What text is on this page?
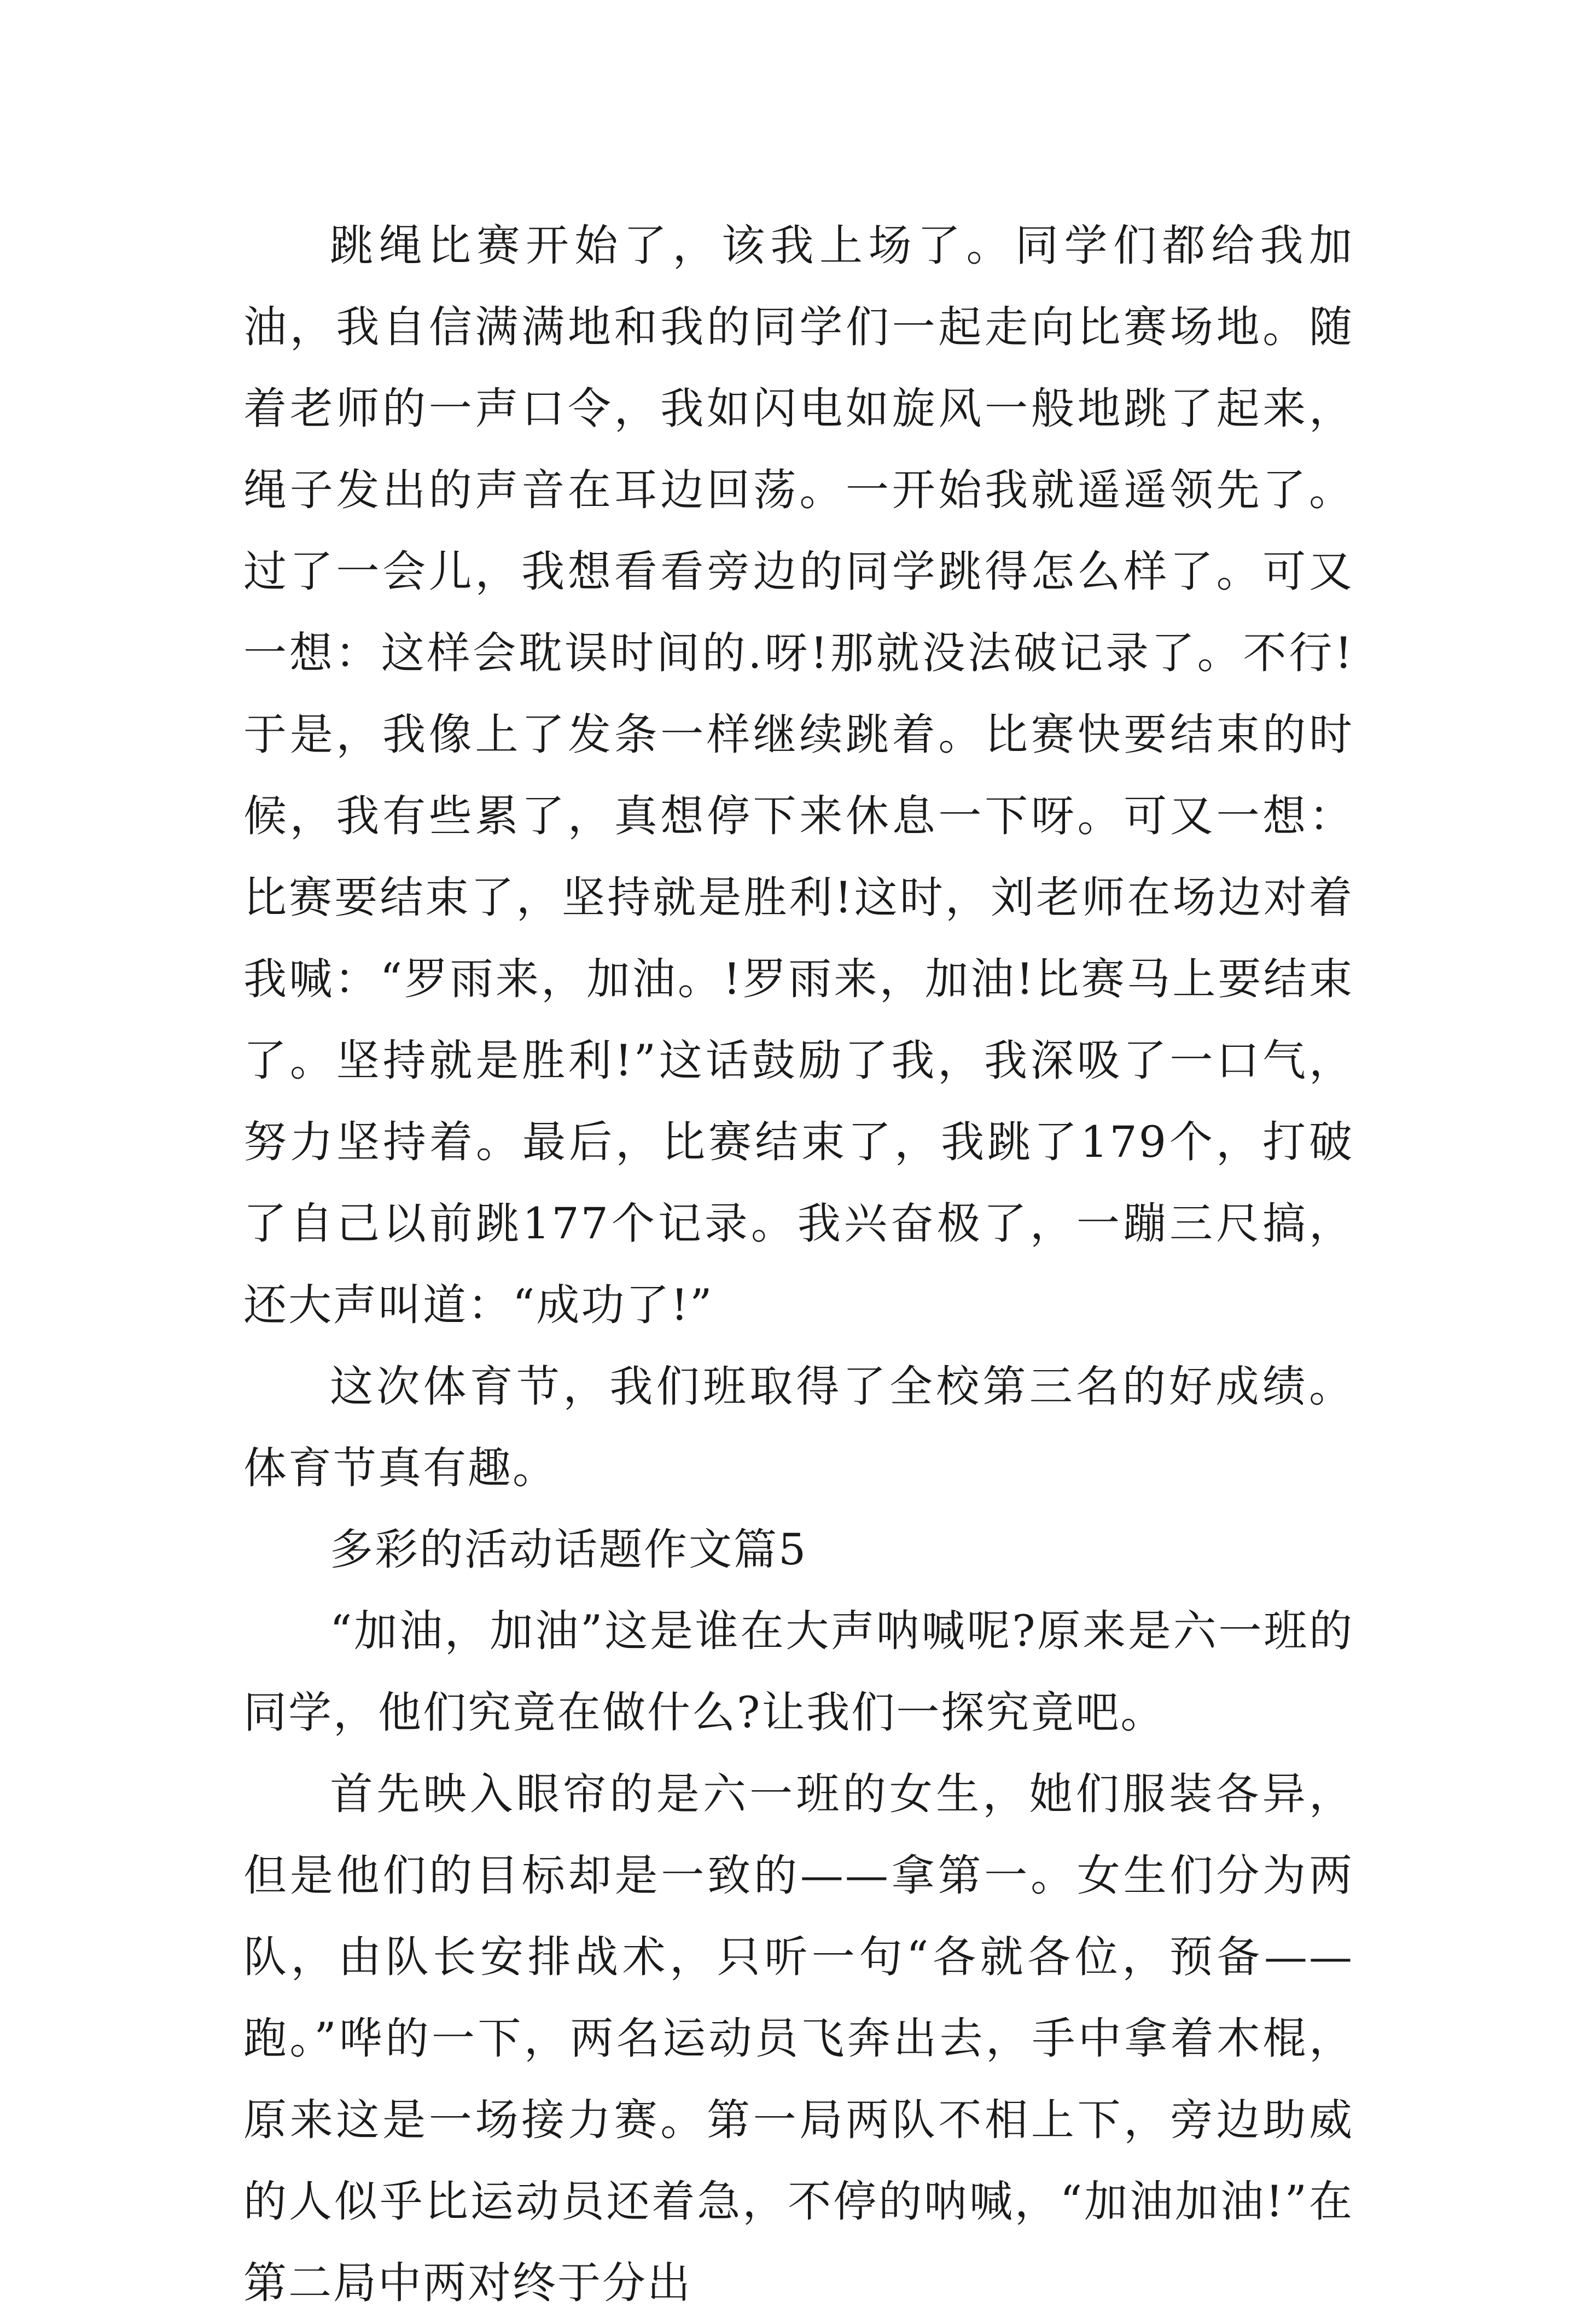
跳绳比赛开始了，该我上场了。同学们都给我加油，我自信满满地和我的同学们一起走向比赛场地。随着老师的一声口令，我如闪电如旋风一般地跳了起来，绳子发出的声音在耳边回荡。一开始我就遥遥领先了。过了一会儿，我想看看旁边的同学跳得怎么样了。可又一想：这样会耽误时间的.呀!那就没法破记录了。不行!于是，我像上了发条一样继续跳着。比赛快要结束的时候，我有些累了，真想停下来休息一下呀。可又一想：比赛要结束了，坚持就是胜利!这时，刘老师在场边对着我喊：“罗雨来，加油。!罗雨来，加油!比赛马上要结束了。坚持就是胜利!”这话鼓励了我，我深吸了一口气，努力坚持着。最后，比赛结束了，我跳了179个，打破了自己以前跳177个记录。我兴奋极了，一蹦三尺搞，还大声叫道：“成功了!”

这次体育节，我们班取得了全校第三名的好成绩。体育节真有趣。

多彩的活动话题作文篇5

“加油，加油”这是谁在大声呐喊呢?原来是六一班的同学，他们究竟在做什么?让我们一探究竟吧。

首先映入眼帘的是六一班的女生，她们服装各异，但是他们的目标却是一致的——拿第一。女生们分为两队，由队长安排战术，只听一句“各就各位，预备——跑。”哗的一下，两名运动员飞奔出去，手中拿着木棍，原来这是一场接力赛。第一局两队不相上下，旁边助威的人似乎比运动员还着急，不停的呐喊，“加油加油!”在第二局中两对终于分出
